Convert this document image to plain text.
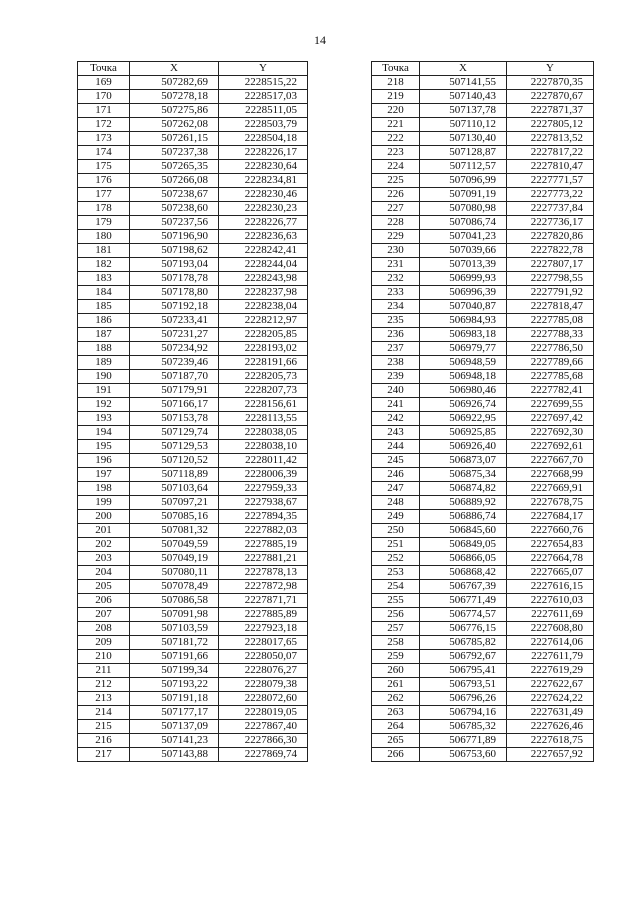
14
Точка	X	Y
169	507282,69	2228515,22
170	507278,18	2228517,03
171	507275,86	2228511,05
172	507262,08	2228503,79
173	507261,15	2228504,18
174	507237,38	2228226,17
175	507265,35	2228230,64
176	507266,08	2228234,81
177	507238,67	2228230,46
178	507238,60	2228230,23
179	507237,56	2228226,77
180	507196,90	2228236,63
181	507198,62	2228242,41
182	507193,04	2228244,04
183	507178,78	2228243,98
184	507178,80	2228237,98
185	507192,18	2228238,04
186	507233,41	2228212,97
187	507231,27	2228205,85
188	507234,92	2228193,02
189	507239,46	2228191,66
190	507187,70	2228205,73
191	507179,91	2228207,73
192	507166,17	2228156,61
193	507153,78	2228113,55
194	507129,74	2228038,05
195	507129,53	2228038,10
196	507120,52	2228011,42
197	507118,89	2228006,39
198	507103,64	2227959,33
199	507097,21	2227938,67
200	507085,16	2227894,35
201	507081,32	2227882,03
202	507049,59	2227885,19
203	507049,19	2227881,21
204	507080,11	2227878,13
205	507078,49	2227872,98
206	507086,58	2227871,71
207	507091,98	2227885,89
208	507103,59	2227923,18
209	507181,72	2228017,65
210	507191,66	2228050,07
211	507199,34	2228076,27
212	507193,22	2228079,38
213	507191,18	2228072,60
214	507177,17	2228019,05
215	507137,09	2227867,40
216	507141,23	2227866,30
217	507143,88	2227869,74
Точка	X	Y
218	507141,55	2227870,35
219	507140,43	2227870,67
220	507137,78	2227871,37
221	507110,12	2227805,12
222	507130,40	2227813,52
223	507128,87	2227817,22
224	507112,57	2227810,47
225	507096,99	2227771,57
226	507091,19	2227773,22
227	507080,98	2227737,84
228	507086,74	2227736,17
229	507041,23	2227820,86
230	507039,66	2227822,78
231	507013,39	2227807,17
232	506999,93	2227798,55
233	506996,39	2227791,92
234	507040,87	2227818,47
235	506984,93	2227785,08
236	506983,18	2227788,33
237	506979,77	2227786,50
238	506948,59	2227789,66
239	506948,18	2227785,68
240	506980,46	2227782,41
241	506926,74	2227699,55
242	506922,95	2227697,42
243	506925,85	2227692,30
244	506926,40	2227692,61
245	506873,07	2227667,70
246	506875,34	2227668,99
247	506874,82	2227669,91
248	506889,92	2227678,75
249	506886,74	2227684,17
250	506845,60	2227660,76
251	506849,05	2227654,83
252	506866,05	2227664,78
253	506868,42	2227665,07
254	506767,39	2227616,15
255	506771,49	2227610,03
256	506774,57	2227611,69
257	506776,15	2227608,80
258	506785,82	2227614,06
259	506792,67	2227611,79
260	506795,41	2227619,29
261	506793,51	2227622,67
262	506796,26	2227624,22
263	506794,16	2227631,49
264	506785,32	2227626,46
265	506771,89	2227618,75
266	506753,60	2227657,92
